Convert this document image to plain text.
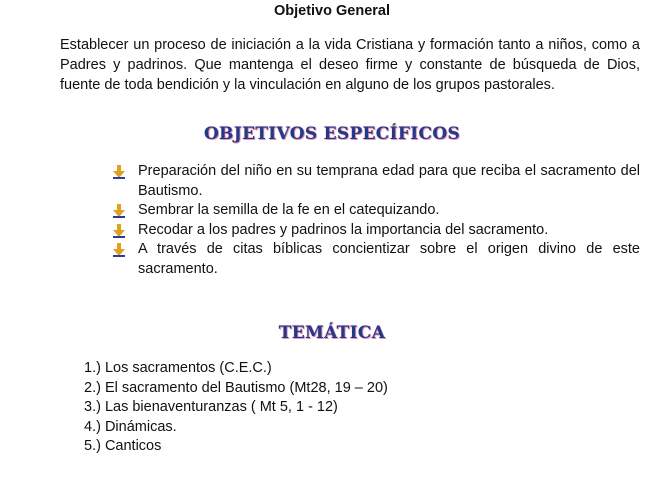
Objetivo General

Establecer un proceso de iniciación a la vida Cristiana y formación tanto a niños, como a Padres y padrinos. Que mantenga el deseo firme y constante de búsqueda de Dios, fuente de toda bendición y la vinculación en alguno de los grupos pastorales.

OBJETIVOS ESPECÍFICOS
Preparación del niño en su temprana edad para que reciba el sacramento del Bautismo.
Sembrar la semilla de la fe en el catequizando.
Recodar a los padres y padrinos la importancia del sacramento.
A través de citas bíblicas concientizar sobre el origen divino de este sacramento.
TEMÁTICA
1.) Los sacramentos (C.E.C.)
2.) El sacramento del Bautismo (Mt28, 19 – 20)
3.) Las bienaventuranzas ( Mt 5, 1 - 12)
4.) Dinámicas.
5.) Canticos
